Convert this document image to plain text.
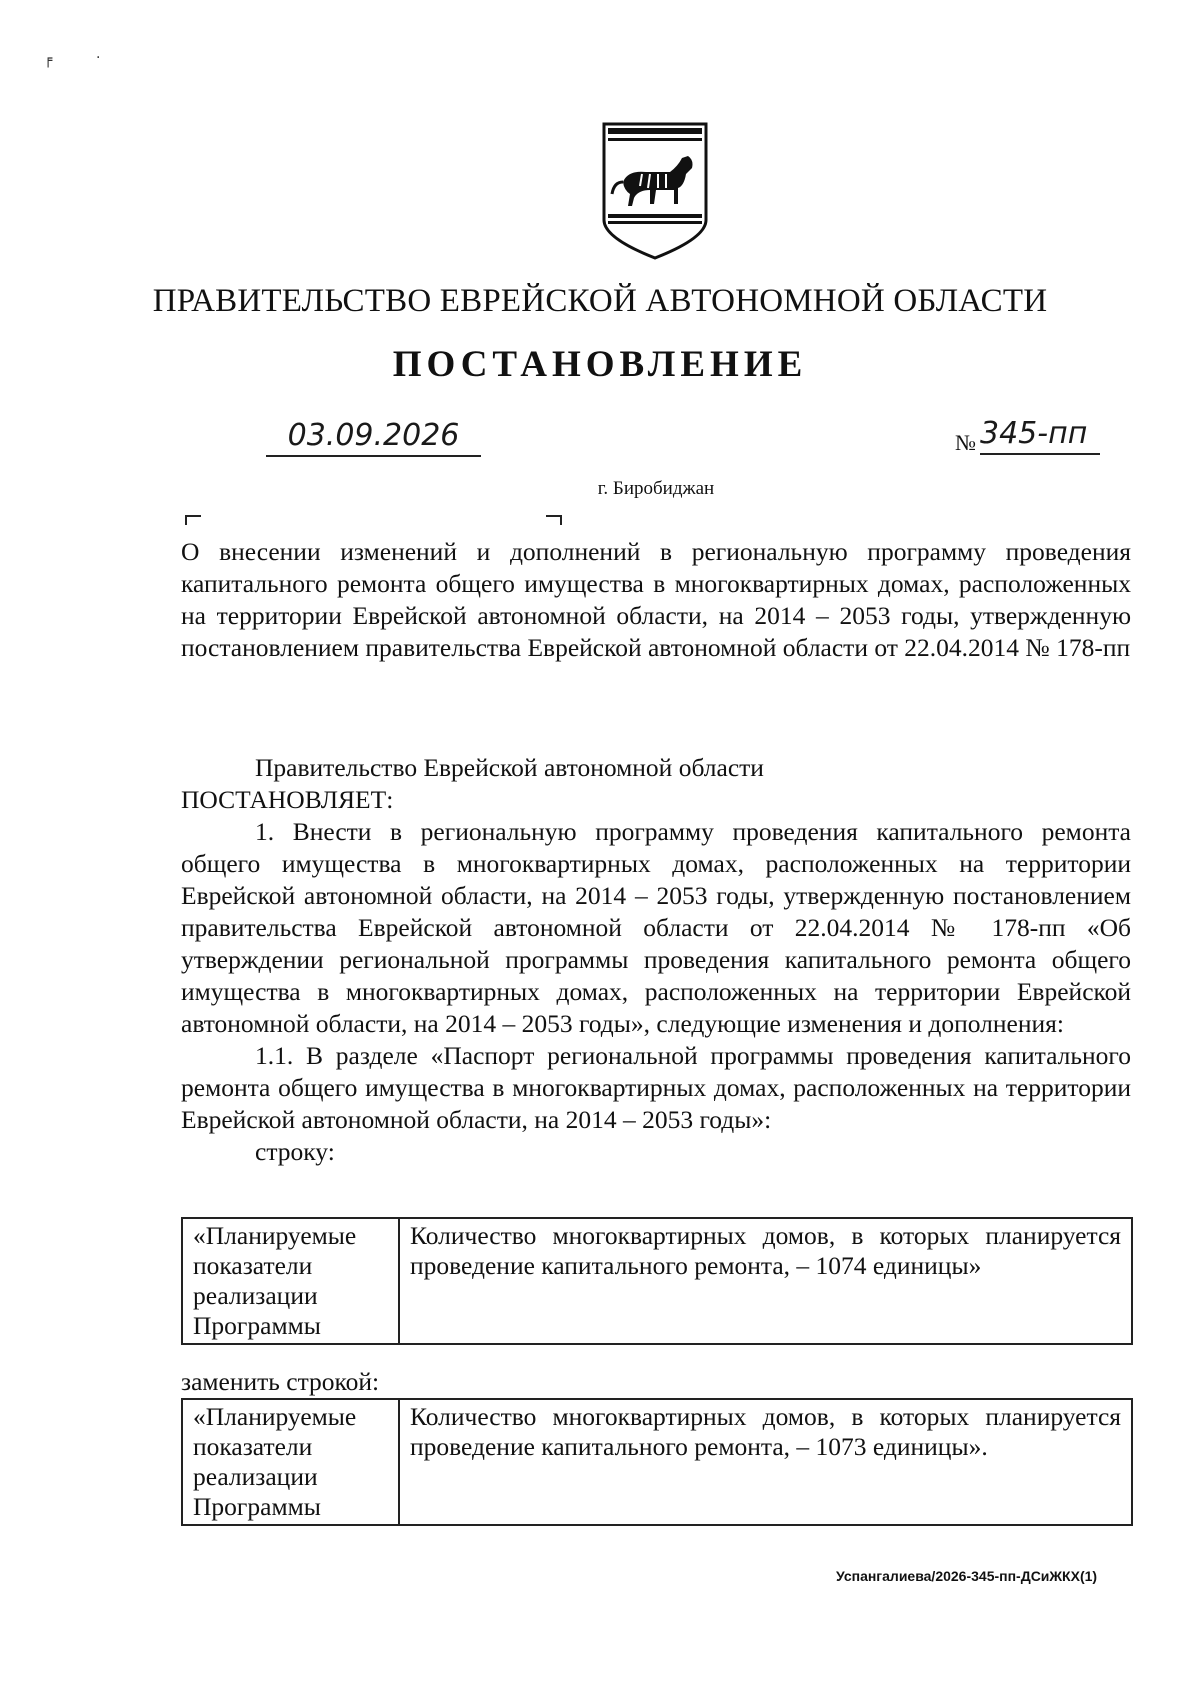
╒	·
ПРАВИТЕЛЬСТВО ЕВРЕЙСКОЙ АВТОНОМНОЙ ОБЛАСТИ
ПОСТАНОВЛЕНИЕ
03.09.2026	№ 345-пп
г. Биробиджан
О внесении изменений и дополнений в региональную программу проведения капитального ремонта общего имущества в многоквартирных домах, расположенных на территории Еврейской автономной области, на 2014 – 2053 годы, утвержденную постановлением правительства Еврейской автономной области от 22.04.2014 № 178-пп

Правительство Еврейской автономной области

ПОСТАНОВЛЯЕТ:

1. Внести в региональную программу проведения капитального ремонта общего имущества в многоквартирных домах, расположенных на территории Еврейской автономной области, на 2014 – 2053 годы, утвержденную постановлением правительства Еврейской автономной области от 22.04.2014 № 178-пп «Об утверждении региональной программы проведения капитального ремонта общего имущества в многоквартирных домах, расположенных на территории Еврейской автономной области, на 2014 – 2053 годы», следующие изменения и дополнения:

1.1. В разделе «Паспорт региональной программы проведения капитального ремонта общего имущества в многоквартирных домах, расположенных на территории Еврейской автономной области, на 2014 – 2053 годы»:

строку:

«Планируемые показатели реализации Программы	Количество многоквартирных домов, в которых планируется проведение капитального ремонта, – 1074 единицы»
заменить строкой:
«Планируемые показатели реализации Программы	Количество многоквартирных домов, в которых планируется проведение капитального ремонта, – 1073 единицы».
Успангалиева/2026-345-пп-ДСиЖКХ(1)
